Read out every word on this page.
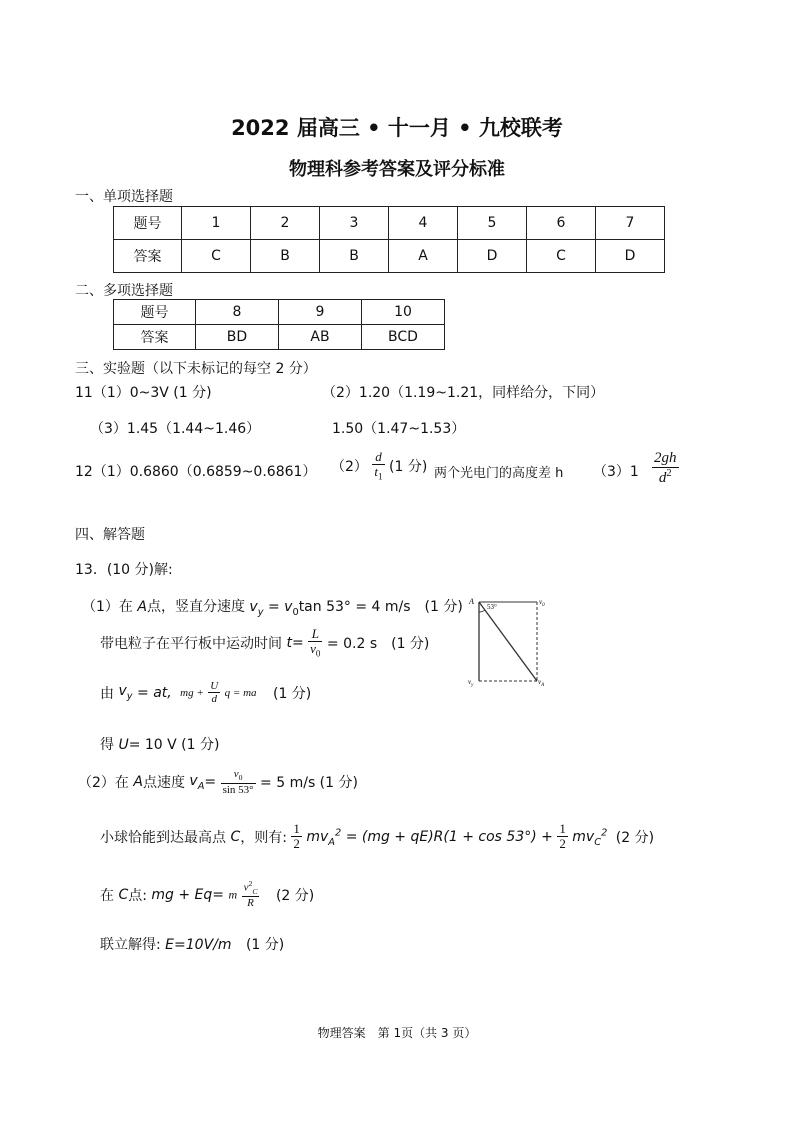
2022 届高三 • 十一月 • 九校联考
物理科参考答案及评分标准
一、单项选择题
题号	1	2	3	4	5	6	7
答案	C	B	B	A	D	C	D
二、多项选择题
题号	8	9	10
答案	BD	AB	BCD
三、实验题（以下未标记的每空 2 分）
11（1）0~3V (1 分)	（2）1.20（1.19~1.21，同样给分，下同）
（3）1.45（1.44~1.46）	1.50（1.47~1.53）
12（1）0.6860（0.6859~0.6861） $(2) \frac{d}{t_1} (1$ 分) 两个光电门的高度差 h $(3)1 \frac{2gh}{d^2}$
四、解答题
13．(10 分)解:
（1）在 A点，竖直分速度 $v_y = v_0\tan$ 53° = 4 m/s　(1 分)
带电粒子在平行板中运动时间 $t= \frac{L}{v_0} = 0.2$ s　(1 分)
由 $v_y$ = at, mg + $\frac{U}{d}$ q = ma (1 分)
得 U= 10 V (1 分)
（2）在 A点速度 $v_A= \frac{v_0}{\sin 53^\circ} = 5$ m/s (1 分)
小球恰能到达最高点 C，则有: $\frac{1}{2} mv_A^2 = (mg + qE)R(1 + \cos 53^\circ) + \frac{1}{2} mv_C^2$ (2 分)
在 C点: mg + Eq= m $\frac{v^2_C}{R} (2$ 分)
联立解得: E=10V/m (1 分)
A
53°
$v_0$
$v_y$	$v_A$
物理答案　第 1页（共 3 页）
